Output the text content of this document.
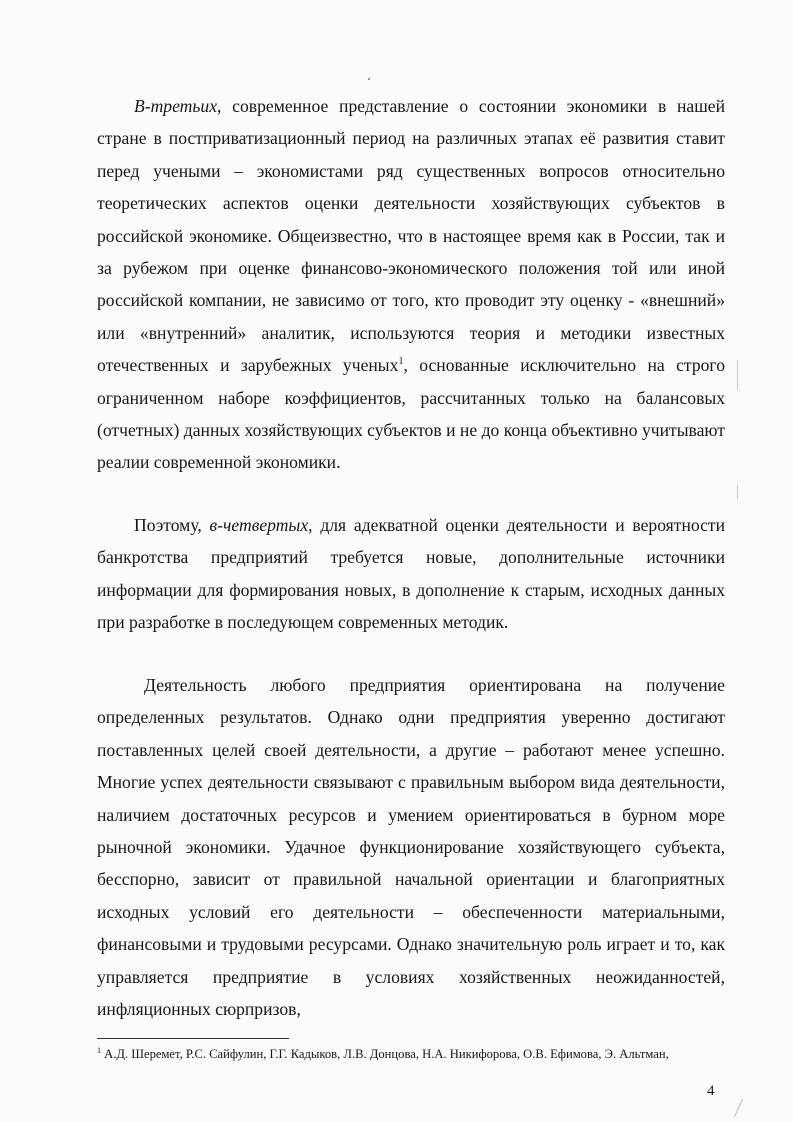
В-третьих, современное представление о состоянии экономики в нашей стране в постприватизационный период на различных этапах её развития ставит перед учеными – экономистами ряд существенных вопросов относительно теоретических аспектов оценки деятельности хозяйствующих субъектов в российской экономике. Общеизвестно, что в настоящее время как в России, так и за рубежом при оценке финансово-экономического положения той или иной российской компании, не зависимо от того, кто проводит эту оценку - «внешний» или «внутренний» аналитик, используются теория и методики известных отечественных и зарубежных ученых$^1$, основанные исключительно на строго ограниченном наборе коэффициентов, рассчитанных только на балансовых (отчетных) данных хозяйствующих субъектов и не до конца объективно учитывают реалии современной экономики.

Поэтому, в-четвертых, для адекватной оценки деятельности и вероятности банкротства предприятий требуется новые, дополнительные источники информации для формирования новых, в дополнение к старым, исходных данных при разработке в последующем современных методик.

Деятельность любого предприятия ориентирована на получение определенных результатов. Однако одни предприятия уверенно достигают поставленных целей своей деятельности, а другие – работают менее успешно. Многие успех деятельности связывают с правильным выбором вида деятельности, наличием достаточных ресурсов и умением ориентироваться в бурном море рыночной экономики. Удачное функционирование хозяйствующего субъекта, бесспорно, зависит от правильной начальной ориентации и благоприятных исходных условий его деятельности – обеспеченности материальными, финансовыми и трудовыми ресурсами. Однако значительную роль играет и то, как управляется предприятие в условиях хозяйственных неожиданностей, инфляционных сюрпризов,

$^1$ А.Д. Шеремет, Р.С. Сайфулин, Г.Г. Кадыков, Л.В. Донцова, Н.А. Никифорова, О.В. Ефимова, Э. Альтман,
4
